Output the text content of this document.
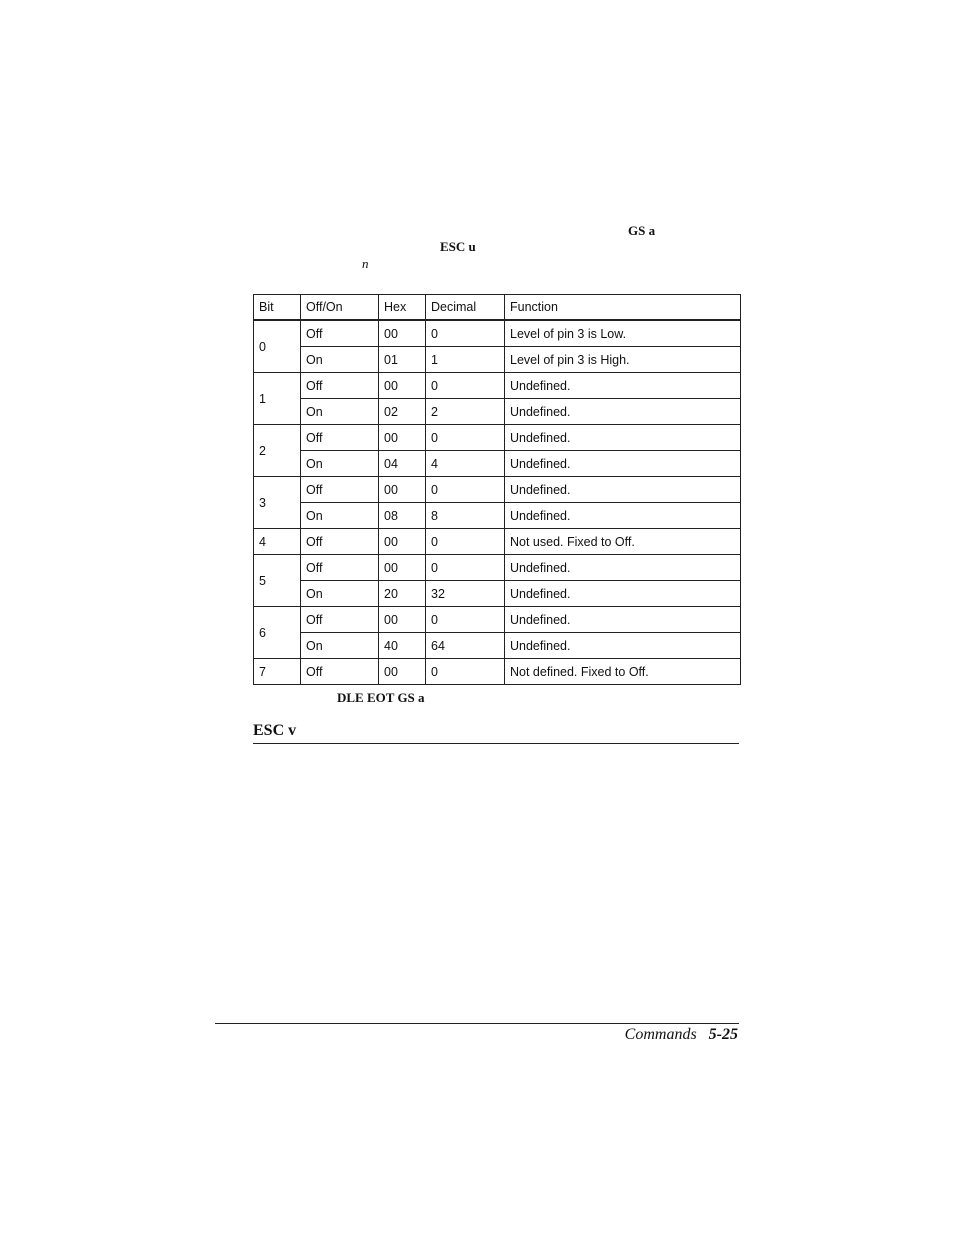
GS a
ESC u
n
Bit	Off/On	Hex	Decimal	Function
0	Off	00	0	Level of pin 3 is Low.
	On	01	1	Level of pin 3 is High.
1	Off	00	0	Undefined.
	On	02	2	Undefined.
2	Off	00	0	Undefined.
	On	04	4	Undefined.
3	Off	00	0	Undefined.
	On	08	8	Undefined.
4	Off	00	0	Not used. Fixed to Off.
5	Off	00	0	Undefined.
	On	20	32	Undefined.
6	Off	00	0	Undefined.
	On	40	64	Undefined.
7	Off	00	0	Not defined. Fixed to Off.
DLE EOT GS a
ESC v
Commands 5-25
